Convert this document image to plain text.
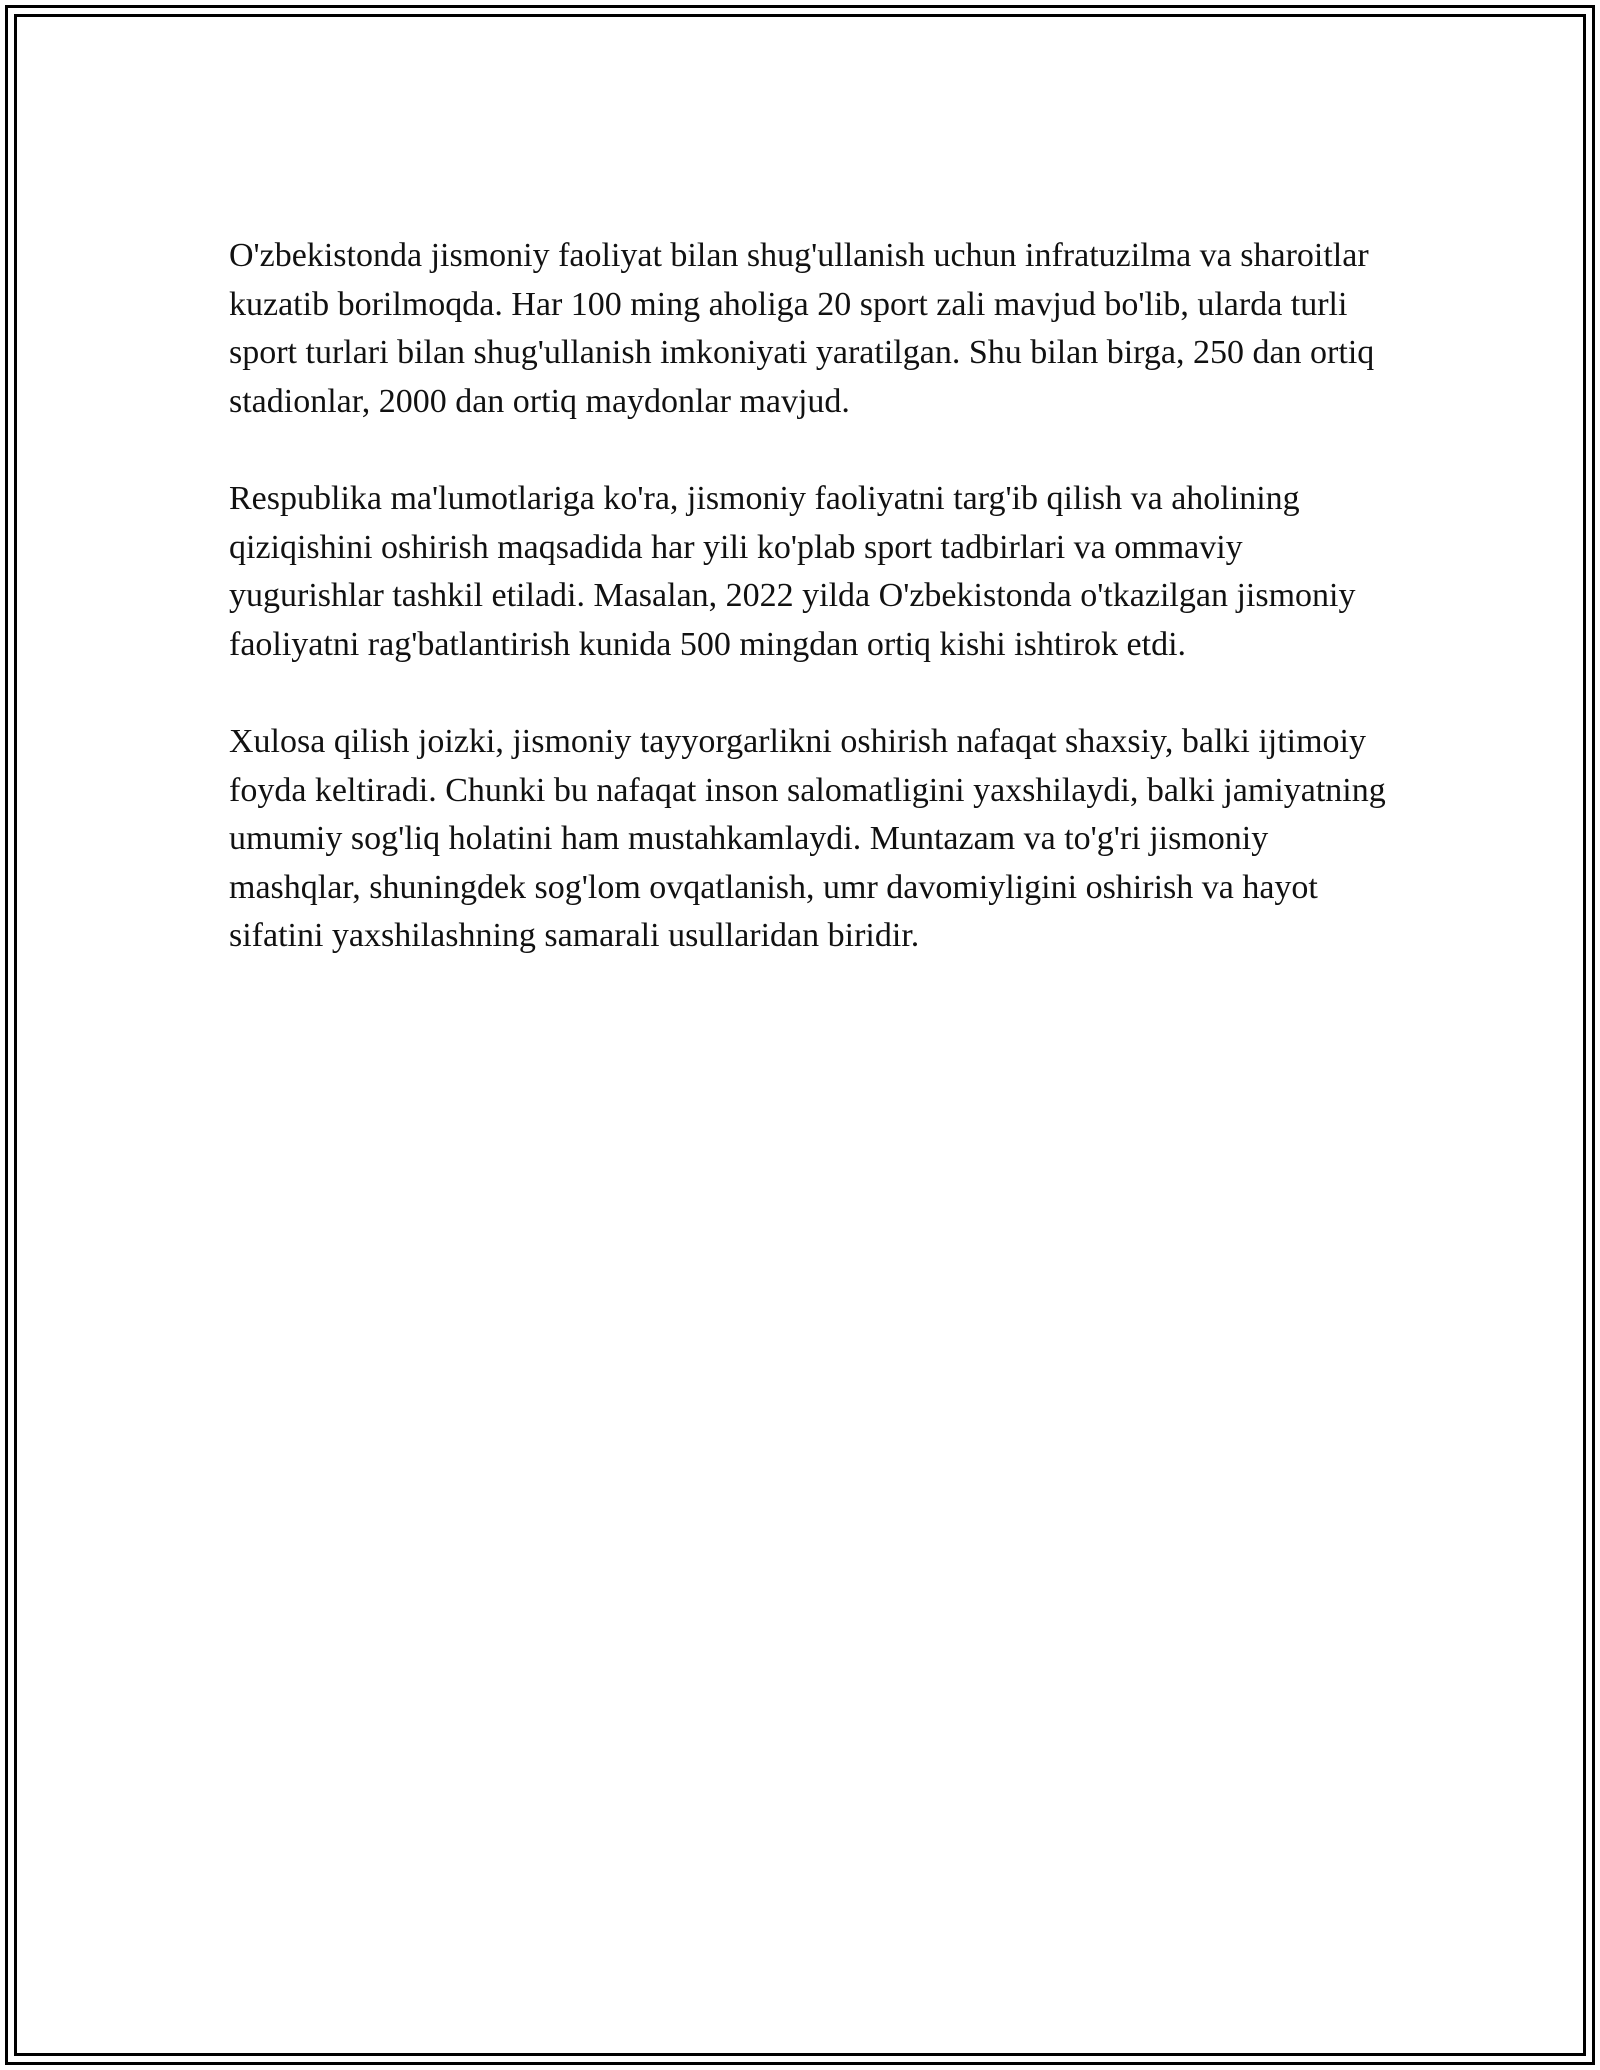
O'zbekistonda jismoniy faoliyat bilan shug'ullanish uchun infratuzilma va sharoitlar kuzatib borilmoqda. Har 100 ming aholiga 20 sport zali mavjud bo'lib, ularda turli sport turlari bilan shug'ullanish imkoniyati yaratilgan. Shu bilan birga, 250 dan ortiq stadionlar, 2000 dan ortiq maydonlar mavjud.

Respublika ma'lumotlariga ko'ra, jismoniy faoliyatni targ'ib qilish va aholining qiziqishini oshirish maqsadida har yili ko'plab sport tadbirlari va ommaviy yugurishlar tashkil etiladi. Masalan, 2022 yilda O'zbekistonda o'tkazilgan jismoniy faoliyatni rag'batlantirish kunida 500 mingdan ortiq kishi ishtirok etdi.

Xulosa qilish joizki, jismoniy tayyorgarlikni oshirish nafaqat shaxsiy, balki ijtimoiy foyda keltiradi. Chunki bu nafaqat inson salomatligini yaxshilaydi, balki jamiyatning umumiy sog'liq holatini ham mustahkamlaydi. Muntazam va to'g'ri jismoniy mashqlar, shuningdek sog'lom ovqatlanish, umr davomiyligini oshirish va hayot sifatini yaxshilashning samarali usullaridan biridir.
